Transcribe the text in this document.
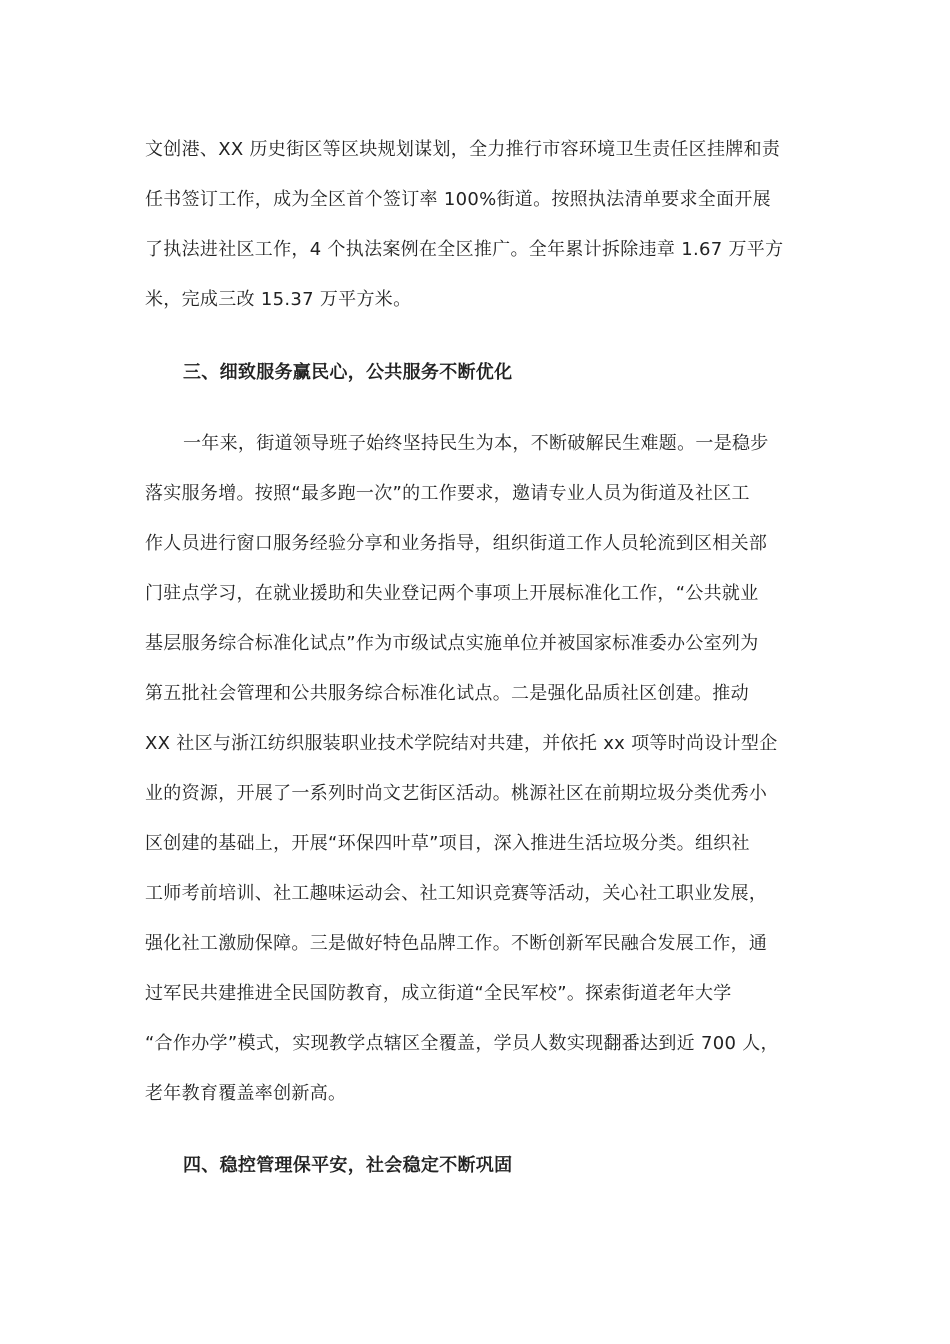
文创港、XX 历史街区等区块规划谋划，全力推行市容环境卫生责任区挂牌和责
任书签订工作，成为全区首个签订率 100%街道。按照执法清单要求全面开展
了执法进社区工作，4 个执法案例在全区推广。全年累计拆除违章 1.67 万平方
米，完成三改 15.37 万平方米。
三、细致服务赢民心，公共服务不断优化
一年来，街道领导班子始终坚持民生为本，不断破解民生难题。一是稳步
落实服务增。按照“最多跑一次”的工作要求，邀请专业人员为街道及社区工
作人员进行窗口服务经验分享和业务指导，组织街道工作人员轮流到区相关部
门驻点学习，在就业援助和失业登记两个事项上开展标准化工作，“公共就业
基层服务综合标准化试点”作为市级试点实施单位并被国家标准委办公室列为
第五批社会管理和公共服务综合标准化试点。二是强化品质社区创建。推动
XX 社区与浙江纺织服装职业技术学院结对共建，并依托 xx 项等时尚设计型企
业的资源，开展了一系列时尚文艺街区活动。桃源社区在前期垃圾分类优秀小
区创建的基础上，开展“环保四叶草”项目，深入推进生活垃圾分类。组织社
工师考前培训、社工趣味运动会、社工知识竞赛等活动，关心社工职业发展，
强化社工激励保障。三是做好特色品牌工作。不断创新军民融合发展工作，通
过军民共建推进全民国防教育，成立街道“全民军校”。探索街道老年大学
“合作办学”模式，实现教学点辖区全覆盖，学员人数实现翻番达到近 700 人，
老年教育覆盖率创新高。
四、稳控管理保平安，社会稳定不断巩固
